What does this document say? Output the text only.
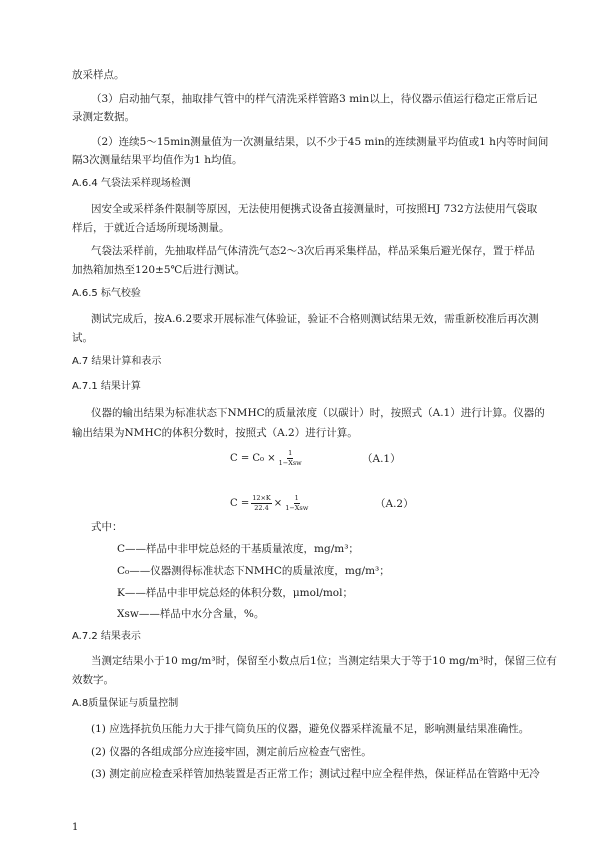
放采样点。
（3）启动抽气泵，抽取排气管中的样气清洗采样管路3 min以上，待仪器示值运行稳定正常后记
录测定数据。
（2）连续5～15min测量值为一次测量结果，以不少于45 min的连续测量平均值或1 h内等时间间
隔3次测量结果平均值作为1 h均值。
A.6.4 气袋法采样现场检测
因安全或采样条件限制等原因，无法使用便携式设备直接测量时，可按照HJ 732方法使用气袋取
样后，于就近合适场所现场测量。
气袋法采样前，先抽取样品气体清洗气态2～3次后再采集样品，样品采集后避光保存，置于样品
加热箱加热至120±5℃后进行测试。
A.6.5 标气校验
测试完成后，按A.6.2要求开展标准气体验证，验证不合格则测试结果无效，需重新校准后再次测
试。
A.7 结果计算和表示
A.7.1 结果计算
仪器的输出结果为标准状态下NMHC的质量浓度（以碳计）时，按照式（A.1）进行计算。仪器的
输出结果为NMHC的体积分数时，按照式（A.2）进行计算。
$C = C_0 \times \frac{1}{\text{1−Xsw}}$	（A.1）
$C = \frac{12\times K}{22.4} \times \frac{1}{\text{1−Xsw}}$	（A.2）
式中：
C——样品中非甲烷总烃的干基质量浓度，mg/m³；
C₀——仪器测得标准状态下NMHC的质量浓度，mg/m³；
K——样品中非甲烷总烃的体积分数，μmol/mol；
Xsw——样品中水分含量，%。
A.7.2 结果表示
当测定结果小于10 mg/m³时，保留至小数点后1位；当测定结果大于等于10 mg/m³时，保留三位有
效数字。
A.8质量保证与质量控制
(1) 应选择抗负压能力大于排气筒负压的仪器，避免仪器采样流量不足，影响测量结果准确性。
(2) 仪器的各组成部分应连接牢固，测定前后应检查气密性。
(3) 测定前应检查采样管加热装置是否正常工作；测试过程中应全程伴热，保证样品在管路中无冷
1
